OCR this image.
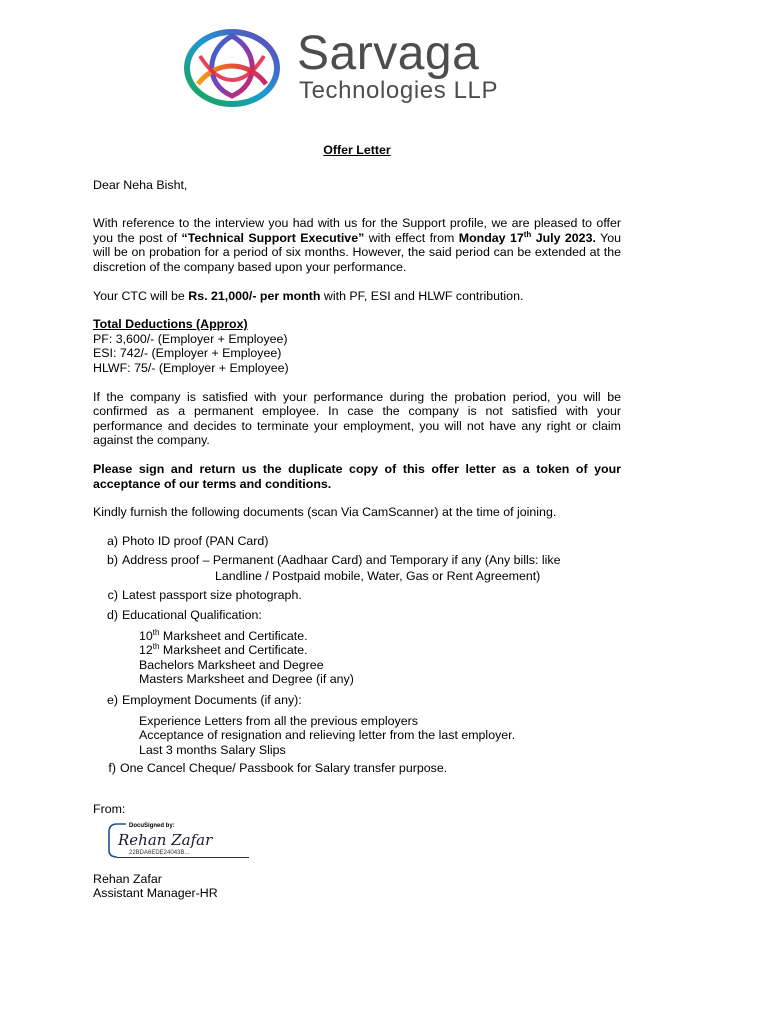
Sarvaga
Technologies LLP

Offer Letter

Dear Neha Bisht,

With reference to the interview you had with us for the Support profile, we are pleased to offer you the post of “Technical Support Executive” with effect from Monday 17th July 2023. You will be on probation for a period of six months. However, the said period can be extended at the discretion of the company based upon your performance.

Your CTC will be Rs. 21,000/- per month with PF, ESI and HLWF contribution.

Total Deductions (Approx)

PF: 3,600/- (Employer + Employee)

ESI: 742/- (Employer + Employee)

HLWF: 75/- (Employer + Employee)

If the company is satisfied with your performance during the probation period, you will be confirmed as a permanent employee. In case the company is not satisfied with your performance and decides to terminate your employment, you will not have any right or claim against the company.

Please sign and return us the duplicate copy of this offer letter as a token of your acceptance of our terms and conditions.

Kindly furnish the following documents (scan Via CamScanner) at the time of joining.

a) Photo ID proof (PAN Card)
b) Address proof – Permanent (Aadhaar Card) and Temporary if any (Any bills: like

Landline / Postpaid mobile, Water, Gas or Rent Agreement)

c) Latest passport size photograph.
d) Educational Qualification:

10th Marksheet and Certificate.

12th Marksheet and Certificate.

Bachelors Marksheet and Degree

Masters Marksheet and Degree (if any)

e) Employment Documents (if any):

Experience Letters from all the previous employers

Acceptance of resignation and relieving letter from the last employer.

Last 3 months Salary Slips

f) One Cancel Cheque/ Passbook for Salary transfer purpose.

From:

DocuSigned by:
Rehan Zafar
22BDA6EDE24043B...

Rehan Zafar

Assistant Manager-HR
